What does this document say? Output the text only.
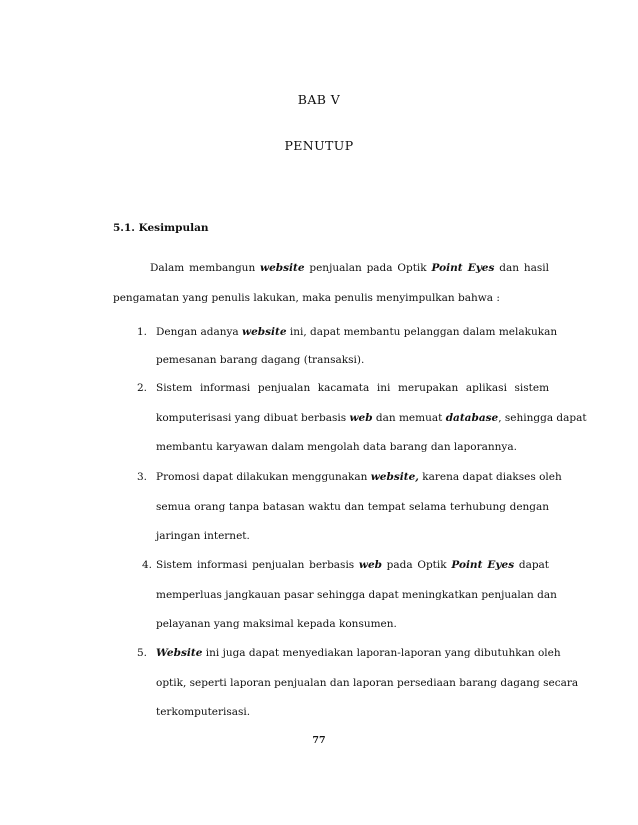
BAB V
PENUTUP
5.1. Kesimpulan
Dalam membangun website penjualan pada Optik Point Eyes dan hasil
pengamatan yang penulis lakukan, maka penulis menyimpulkan bahwa :
1. Dengan adanya website ini, dapat membantu pelanggan dalam melakukan
pemesanan barang dagang (transaksi).
2. Sistem informasi penjualan kacamata ini merupakan aplikasi sistem
komputerisasi yang dibuat berbasis web dan memuat database, sehingga dapat
membantu karyawan dalam mengolah data barang dan laporannya.
3. Promosi dapat dilakukan menggunakan website, karena dapat diakses oleh
semua orang tanpa batasan waktu dan tempat selama terhubung dengan
jaringan internet.
4. Sistem informasi penjualan berbasis web pada Optik Point Eyes dapat
memperluas jangkauan pasar sehingga dapat meningkatkan penjualan dan
pelayanan yang maksimal kepada konsumen.
5. Website ini juga dapat menyediakan laporan-laporan yang dibutuhkan oleh
optik, seperti laporan penjualan dan laporan persediaan barang dagang secara
terkomputerisasi.
77
